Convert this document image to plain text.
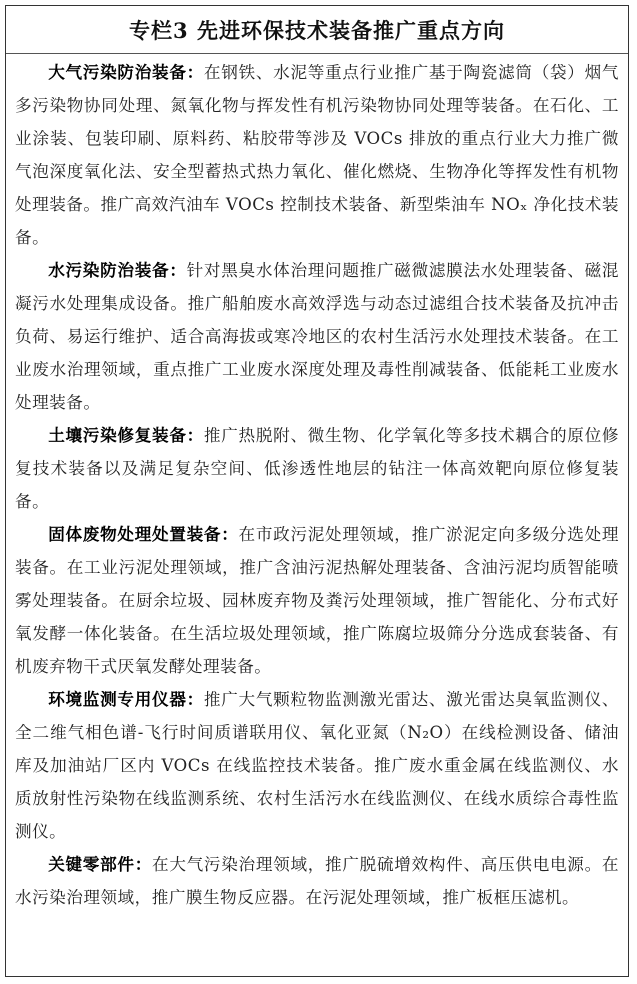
专栏3 先进环保技术装备推广重点方向

大气污染防治装备：在钢铁、水泥等重点行业推广基于陶瓷滤筒（袋）烟气多污染物协同处理、氮氧化物与挥发性有机污染物协同处理等装备。在石化、工业涂装、包装印刷、原料药、粘胶带等涉及 VOCs 排放的重点行业大力推广微气泡深度氧化法、安全型蓄热式热力氧化、催化燃烧、生物净化等挥发性有机物处理装备。推广高效汽油车 VOCs 控制技术装备、新型柴油车 NOₓ 净化技术装备。

水污染防治装备：针对黑臭水体治理问题推广磁微滤膜法水处理装备、磁混凝污水处理集成设备。推广船舶废水高效浮选与动态过滤组合技术装备及抗冲击负荷、易运行维护、适合高海拔或寒冷地区的农村生活污水处理技术装备。在工业废水治理领域，重点推广工业废水深度处理及毒性削减装备、低能耗工业废水处理装备。

土壤污染修复装备：推广热脱附、微生物、化学氧化等多技术耦合的原位修复技术装备以及满足复杂空间、低渗透性地层的钻注一体高效靶向原位修复装备。

固体废物处理处置装备：在市政污泥处理领域，推广淤泥定向多级分选处理装备。在工业污泥处理领域，推广含油污泥热解处理装备、含油污泥均质智能喷雾处理装备。在厨余垃圾、园林废弃物及粪污处理领域，推广智能化、分布式好氧发酵一体化装备。在生活垃圾处理领域，推广陈腐垃圾筛分分选成套装备、有机废弃物干式厌氧发酵处理装备。

环境监测专用仪器：推广大气颗粒物监测激光雷达、激光雷达臭氧监测仪、全二维气相色谱-飞行时间质谱联用仪、氧化亚氮（N₂O）在线检测设备、储油库及加油站厂区内 VOCs 在线监控技术装备。推广废水重金属在线监测仪、水质放射性污染物在线监测系统、农村生活污水在线监测仪、在线水质综合毒性监测仪。

关键零部件：在大气污染治理领域，推广脱硫增效构件、高压供电电源。在水污染治理领域，推广膜生物反应器。在污泥处理领域，推广板框压滤机。
